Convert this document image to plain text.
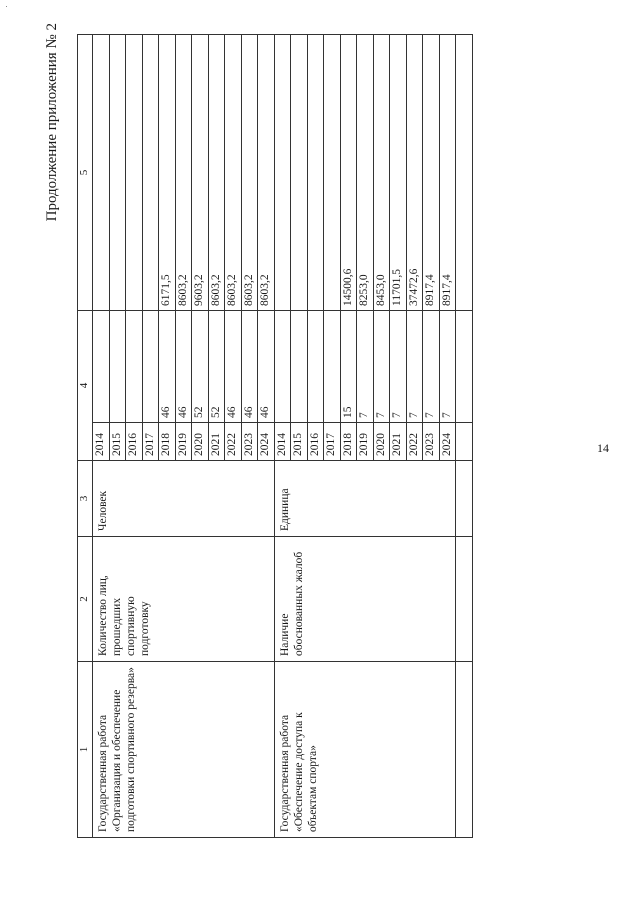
14
Продолжение приложения № 2
1	2	3	4		5
Государственная работа «Организация и обеспечение подготовки спортивного резерва»	Количество лиц, прошедших спортивную подготовку	Человек	2014		
			2015		
			2016		
			2017		
			2018	46	6171,5
			2019	46	8603,2
			2020	52	9603,2
			2021	52	8603,2
			2022	46	8603,2
			2023	46	8603,2
			2024	46	8603,2
Государственная работа «Обеспечение доступа к объектам спорта»	Наличие обоснованных жалоб	Единица	2014		
			2015		
			2016		
			2017		
			2018	15	14500,6
			2019	7	8253,0
			2020	7	8453,0
			2021	7	11701,5
			2022	7	37472,6
			2023	7	8917,4
			2024	7	8917,4
